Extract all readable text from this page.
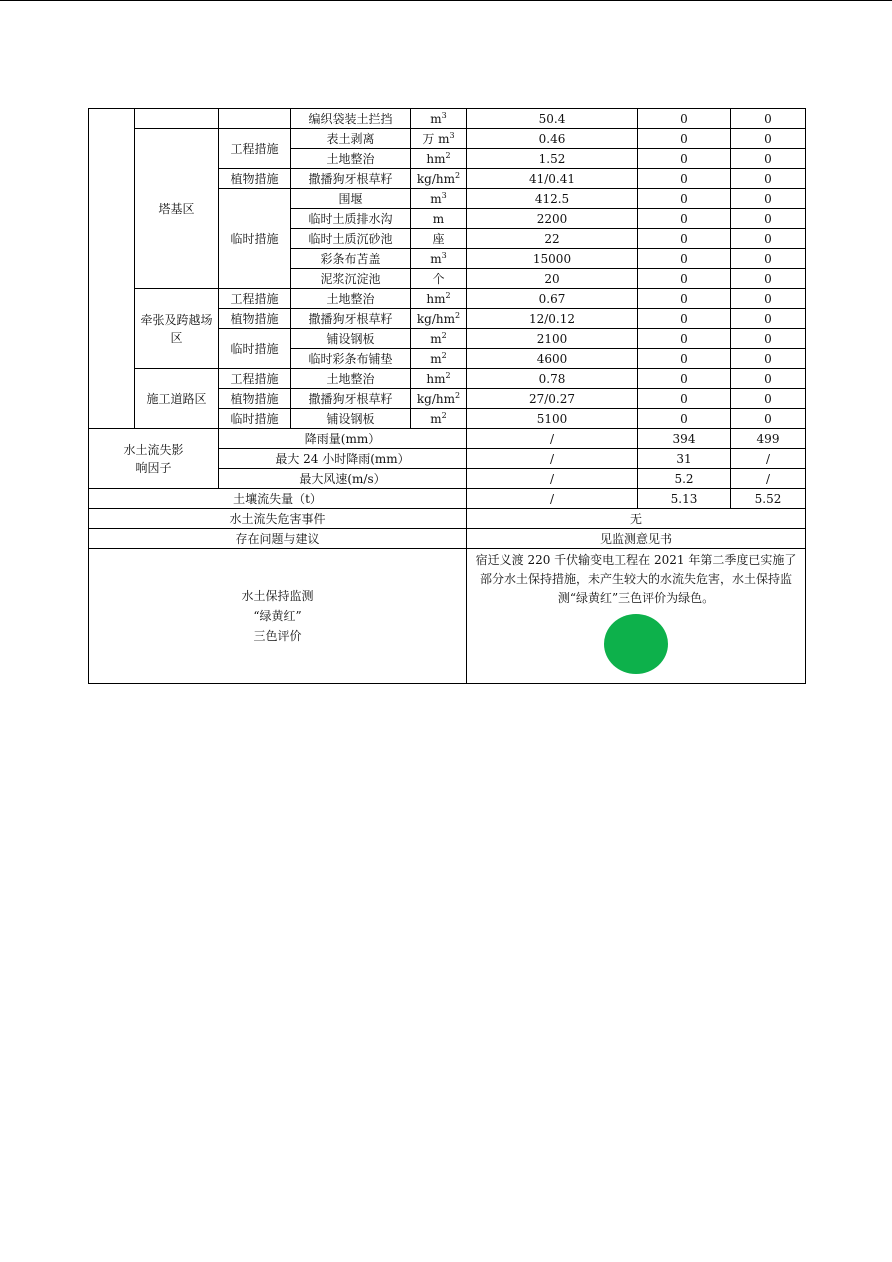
			编织袋装土拦挡	$m^3$	50.4	0	0
	塔基区	工程措施	表土剥离	万 $m^3$	0.46	0	0
			土地整治	$hm^2$	1.52	0	0
		植物措施	撒播狗牙根草籽	$kg/hm^2$	41/0.41	0	0
		临时措施	围堰	$m^3$	412.5	0	0
			临时土质排水沟	m	2200	0	0
			临时土质沉砂池	座	22	0	0
			彩条布苫盖	$m^3$	15000	0	0
			泥浆沉淀池	个	20	0	0
	牵张及跨越场区	工程措施	土地整治	$hm^2$	0.67	0	0
		植物措施	撒播狗牙根草籽	$kg/hm^2$	12/0.12	0	0
		临时措施	铺设钢板	$m^2$	2100	0	0
			临时彩条布铺垫	$m^2$	4600	0	0
	施工道路区	工程措施	土地整治	$hm^2$	0.78	0	0
		植物措施	撒播狗牙根草籽	$kg/hm^2$	27/0.27	0	0
		临时措施	铺设钢板	$m^2$	5100	0	0
水土流失影响因子		降雨量(mm）			/	394	499
		最大 24 小时降雨(mm）			/	31	/
		最大风速(m/s）			/	5.2	/
土壤流失量（t）					/	5.13	5.52
水土流失危害事件					无		
存在问题与建议					见监测意见书		

水土保持监测
“绿黄红”
三色评价					宿迁义渡 220 千伏输变电工程在 2021 年第二季度已实施了部分水土保持措施，未产生较大的水流失危害，水土保持监测“绿黄红”三色评价为绿色。		
